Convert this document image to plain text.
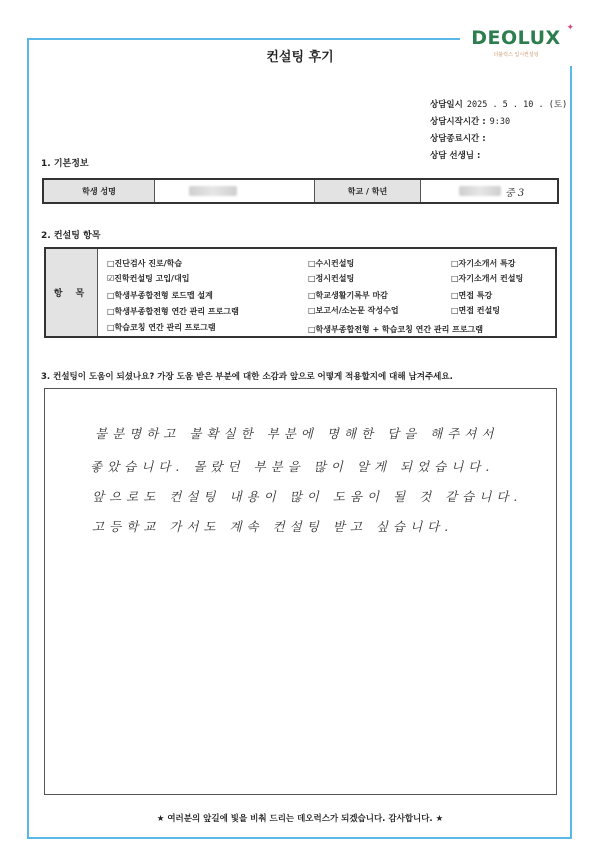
✦
DEOLUX
더블럭스 입시컨설팅
컨설팅 후기
상담일시 2025 . 5 . 10 . (토)
상담시작시간 : 9:30
상담종료시간 :
상담 선생님 :
1. 기본정보
학생 성명	학교 / 학년	중 3
2. 컨설팅 항목
항 목
□진단검사 진로/학습
☑진학컨설팅 고입/대입
□학생부종합전형 로드맵 설계
□학생부종합전형 연간 관리 프로그램
□학습코칭 연간 관리 프로그램
□수시컨설팅
□정시컨설팅
□학교생활기록부 마감
□보고서/소논문 작성수업
□학생부종합전형 + 학습코칭 연간 관리 프로그램
□자기소개서 특강
□자기소개서 컨설팅
□면접 특강
□면접 컨설팅
3. 컨설팅이 도움이 되셨나요? 가장 도움 받은 부분에 대한 소감과 앞으로 어떻게 적용할지에 대해 남겨주세요.
불분명하고 불확실한 부분에 명해한 답을 해주셔서
좋았습니다. 몰랐던 부분을 많이 알게 되었습니다.
앞으로도 컨설팅 내용이 많이 도움이 될 것 같습니다.
고등학교 가서도 계속 컨설팅 받고 싶습니다.
★ 여러분의 앞길에 빛을 비춰 드리는 데오럭스가 되겠습니다. 감사합니다. ★
